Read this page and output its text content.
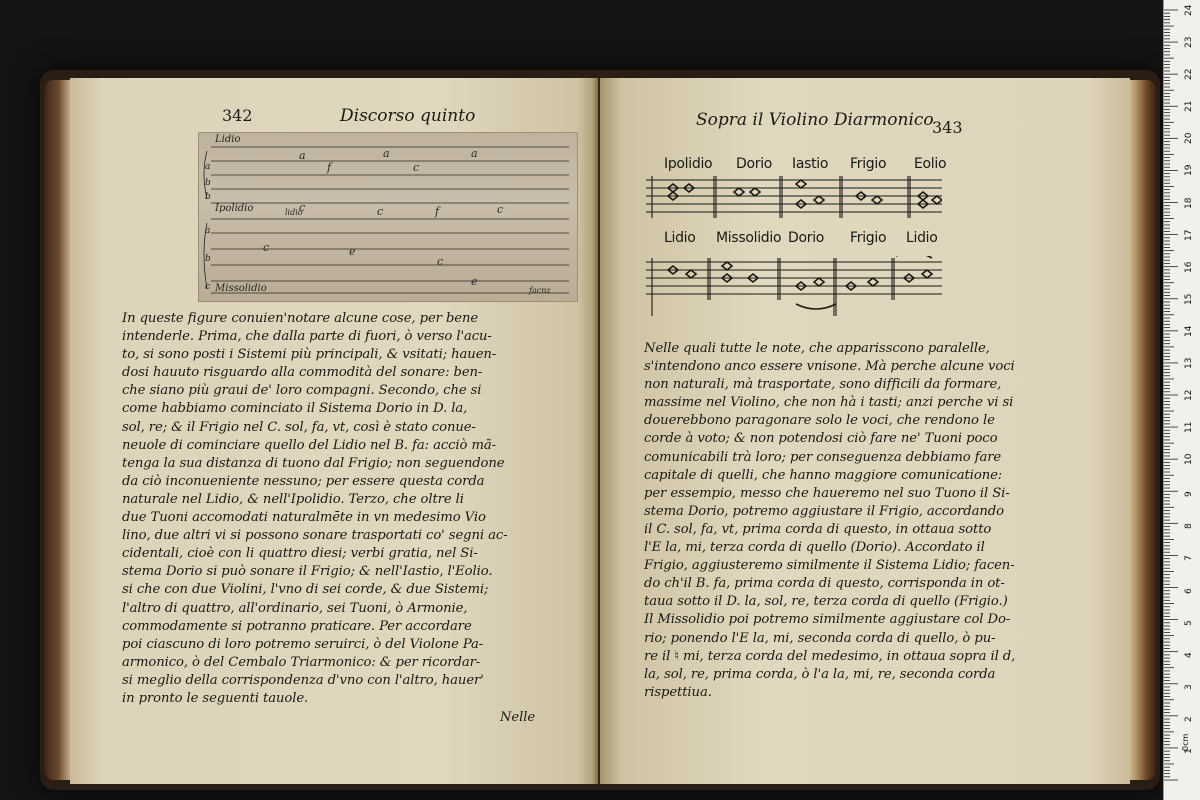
342	Discorso quinto
a	a	a
f	c
c	c	f	c
c	e
c
e
a
b
b
a
b
c
Lidio
Ipolidio	lidio
Missolidio	facnz
In queste figure conuien'notare alcune cose, per bene
intenderle. Prima, che dalla parte di fuori, ò verso l'acu-
to, si sono posti i Sistemi più principali, & vsitati; hauen-
dosi hauuto risguardo alla commodità del sonare: ben-
che siano più graui de' loro compagni. Secondo, che si
come habbiamo cominciato il Sistema Dorio in D. la,
sol, re; & il Frigio nel C. sol, fa, vt, così è stato conue-
neuole di cominciare quello del Lidio nel B. fa: acciò mã-
tenga la sua distanza di tuono dal Frigio; non seguendone
da ciò inconueniente nessuno; per essere questa corda
naturale nel Lidio, & nell'Ipolidio. Terzo, che oltre li
due Tuoni accomodati naturalmēte in vn medesimo Vio
lino, due altri vi si possono sonare trasportati co' segni ac-
cidentali, cioè con li quattro diesi; verbi gratia, nel Si-
stema Dorio si può sonare il Frigio; & nell'Iastio, l'Eolio.
si che con due Violini, l'vno di sei corde, & due Sistemi;
l'altro di quattro, all'ordinario, sei Tuoni, ò Armonie,
commodamente si potranno praticare. Per accordare
poi ciascuno di loro potremo seruirci, ò del Violone Pa-
armonico, ò del Cembalo Triarmonico: & per ricordar-
si meglio della corrispondenza d'vno con l'altro, hauer'
in pronto le seguenti tauole.
Nelle
Sopra il Violino Diarmonico
343
Ipolidio Dorio Iastio Frigio Eolio
Lidio Missolidio Dorio Frigio Lidio
Nelle quali tutte le note, che apparisscono paralelle,
s'intendono anco essere vnisone. Mà perche alcune voci
non naturali, mà trasportate, sono difficili da formare,
massime nel Violino, che non hà i tasti; anzi perche vi si
douerebbono paragonare solo le voci, che rendono le
corde à voto; & non potendosi ciò fare ne' Tuoni poco
comunicabili trà loro; per conseguenza debbiamo fare
capitale di quelli, che hanno maggiore comunicatione:
per essempio, messo che haueremo nel suo Tuono il Si-
stema Dorio, potremo aggiustare il Frigio, accordando
il C. sol, fa, vt, prima corda di questo, in ottaua sotto
l'E la, mi, terza corda di quello (Dorio). Accordato il
Frigio, aggiusteremo similmente il Sistema Lidio; facen-
do ch'il B. fa, prima corda di questo, corrisponda in ot-
taua sotto il D. la, sol, re, terza corda di quello (Frigio.)
Il Missolidio poi potremo similmente aggiustare col Do-
rio; ponendo l'E la, mi, seconda corda di quello, ò pu-
re il ♮ mi, terza corda del medesimo, in ottaua sopra il d,
la, sol, re, prima corda, ò l'a la, mi, re, seconda corda
rispettiua.
1
2
3
4
5
6
7
8
9
10
11
12
13
14
15
16
17
18
19
20
21
22
23
24
0cm
